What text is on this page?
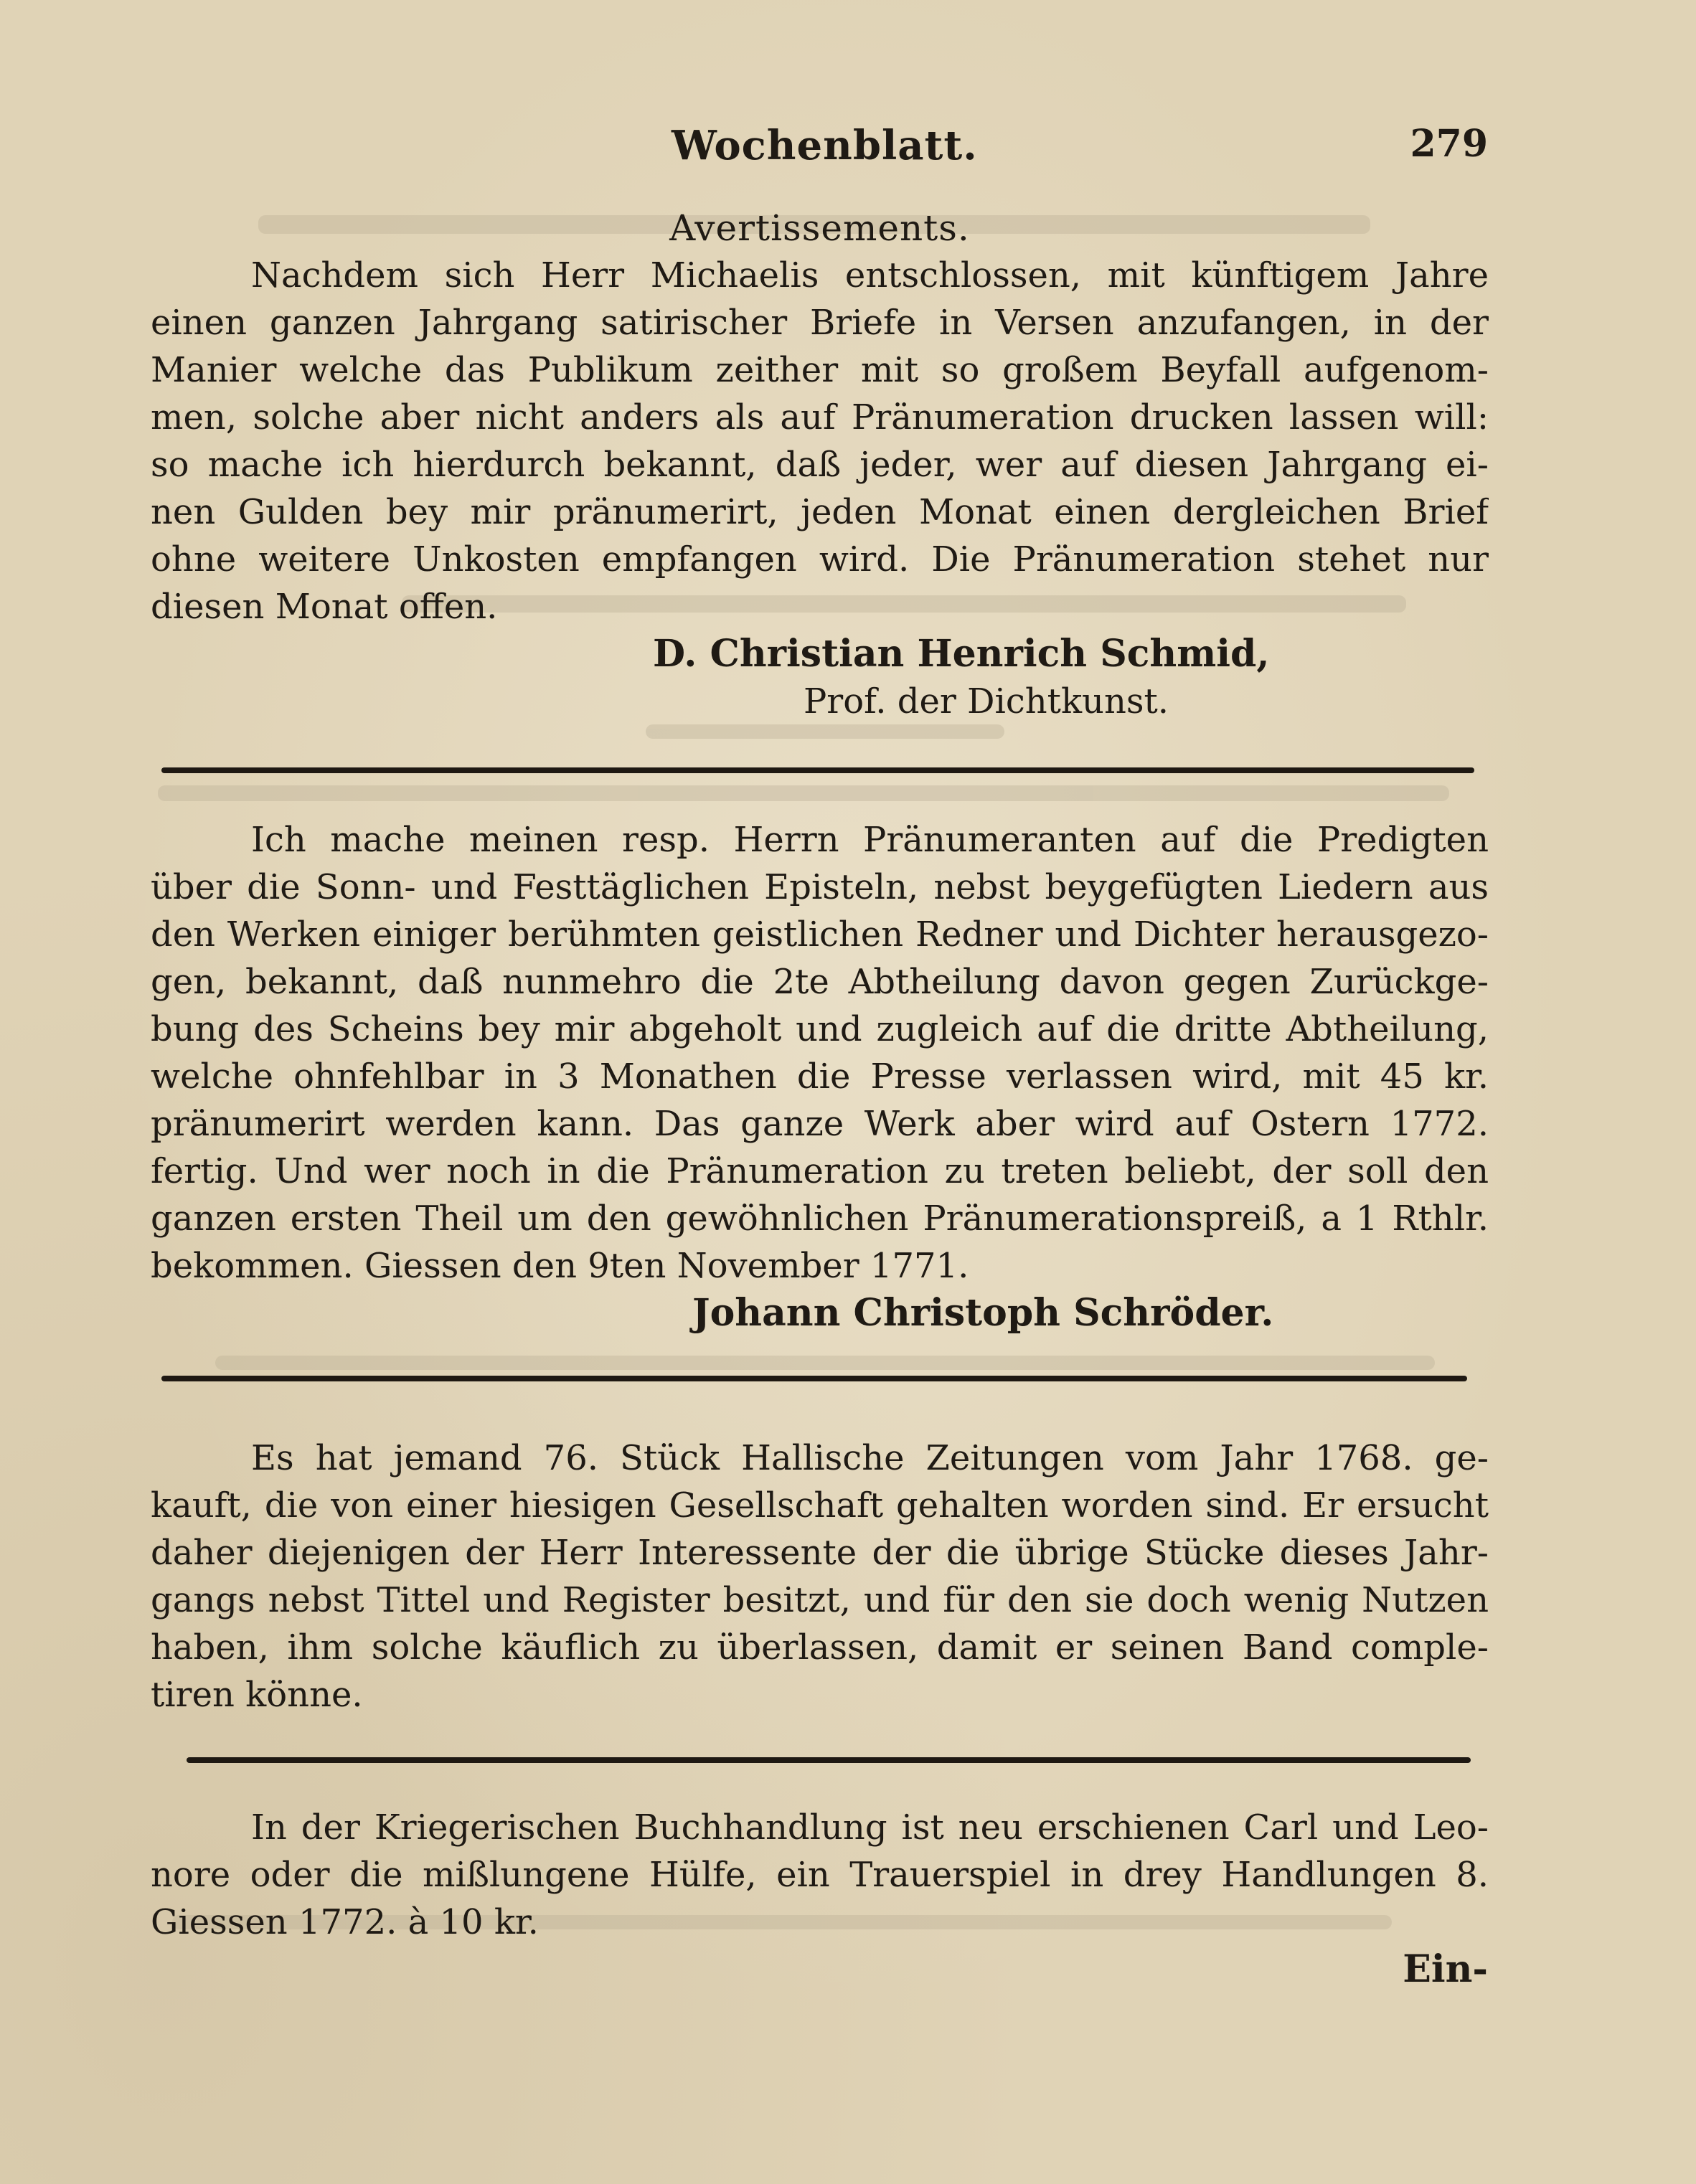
Wochenblatt.	279
Avertissements.
Nachdem sich Herr Michaelis entschlossen, mit künftigem Jahre
einen ganzen Jahrgang satirischer Briefe in Versen anzufangen, in der
Manier welche das Publikum zeither mit so großem Beyfall aufgenom-
men, solche aber nicht anders als auf Pränumeration drucken lassen will:
so mache ich hierdurch bekannt, daß jeder, wer auf diesen Jahrgang ei-
nen Gulden bey mir pränumerirt, jeden Monat einen dergleichen Brief
ohne weitere Unkosten empfangen wird. Die Pränumeration stehet nur
diesen Monat offen.
D. Christian Henrich Schmid,
Prof. der Dichtkunst.
Ich mache meinen resp. Herrn Pränumeranten auf die Predigten
über die Sonn- und Festtäglichen Episteln, nebst beygefügten Liedern aus
den Werken einiger berühmten geistlichen Redner und Dichter herausgezo-
gen, bekannt, daß nunmehro die 2te Abtheilung davon gegen Zurückge-
bung des Scheins bey mir abgeholt und zugleich auf die dritte Abtheilung,
welche ohnfehlbar in 3 Monathen die Presse verlassen wird, mit 45 kr.
pränumerirt werden kann. Das ganze Werk aber wird auf Ostern 1772.
fertig. Und wer noch in die Pränumeration zu treten beliebt, der soll den
ganzen ersten Theil um den gewöhnlichen Pränumerationspreiß, a 1 Rthlr.
bekommen. Giessen den 9ten November 1771.
Johann Christoph Schröder.
Es hat jemand 76. Stück Hallische Zeitungen vom Jahr 1768. ge-
kauft, die von einer hiesigen Gesellschaft gehalten worden sind. Er ersucht
daher diejenigen der Herr Interessente der die übrige Stücke dieses Jahr-
gangs nebst Tittel und Register besitzt, und für den sie doch wenig Nutzen
haben, ihm solche käuflich zu überlassen, damit er seinen Band comple-
tiren könne.
In der Kriegerischen Buchhandlung ist neu erschienen Carl und Leo-
nore oder die mißlungene Hülfe, ein Trauerspiel in drey Handlungen 8.
Giessen 1772. à 10 kr.
Ein-
